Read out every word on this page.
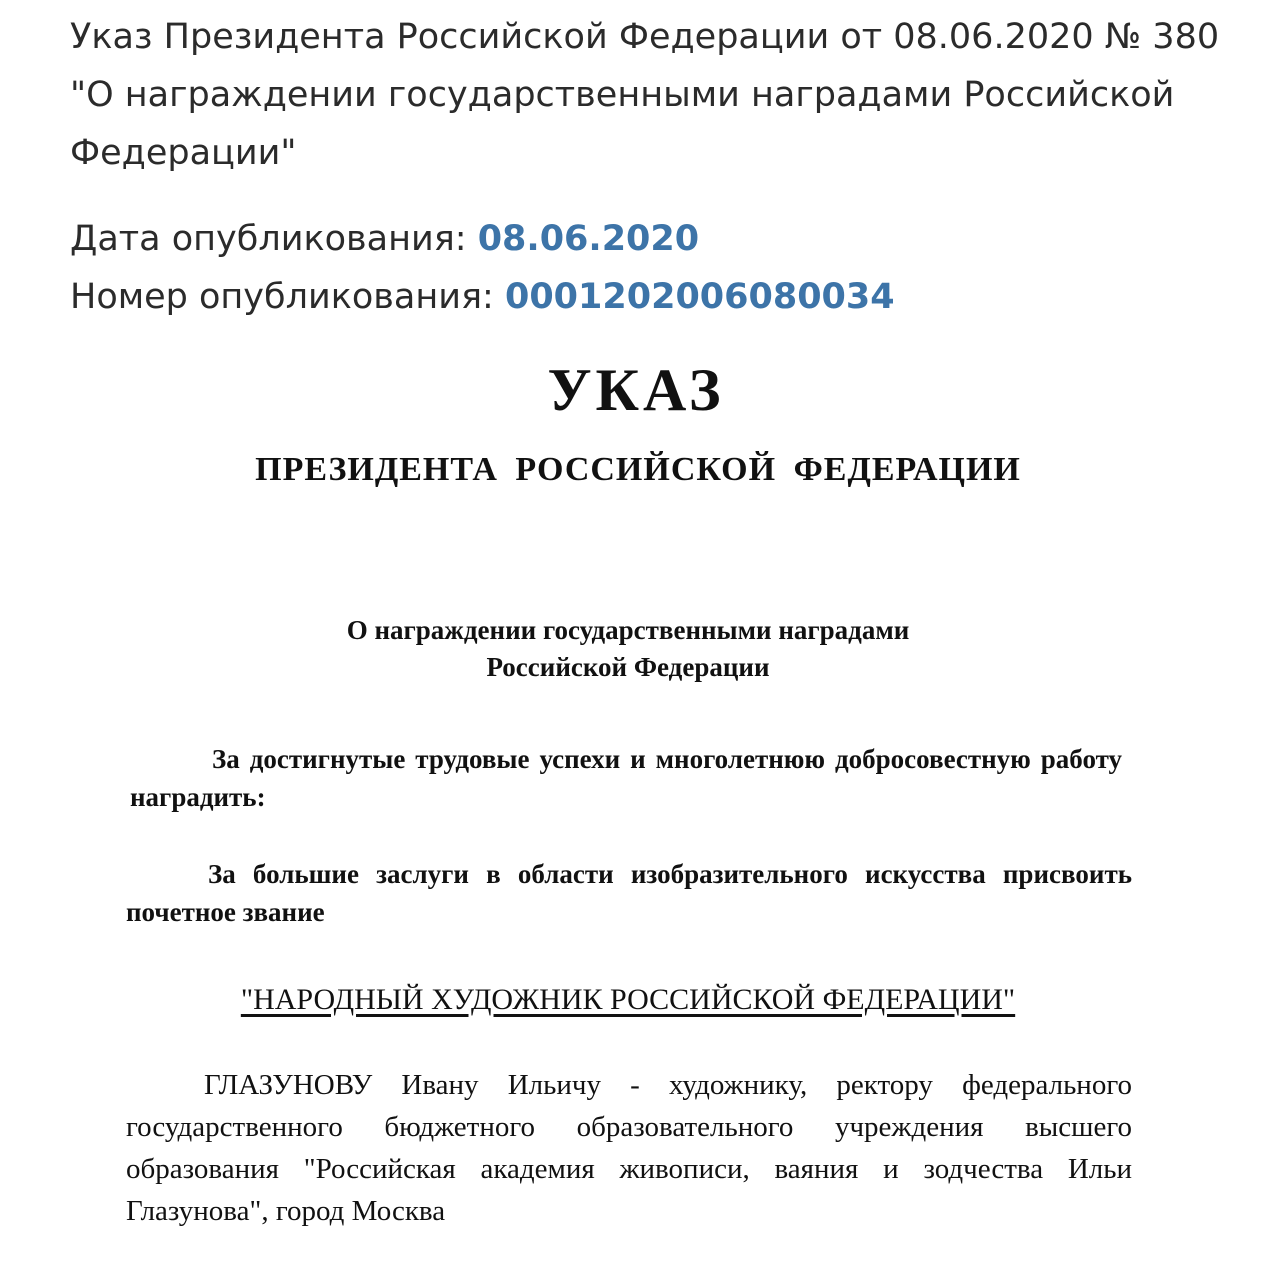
Указ Президента Российской Федерации от 08.06.2020 № 380 "О награждении государственными наградами Российской Федерации"
Дата опубликования: 08.06.2020
Номер опубликования: 0001202006080034
УКАЗ
ПРЕЗИДЕНТА РОССИЙСКОЙ ФЕДЕРАЦИИ
О награждении государственными наградами
Российской Федерации
За достигнутые трудовые успехи и многолетнюю добросовестную работу наградить:
За большие заслуги в области изобразительного искусства присвоить почетное звание
"НАРОДНЫЙ ХУДОЖНИК РОССИЙСКОЙ ФЕДЕРАЦИИ"
ГЛАЗУНОВУ Ивану Ильичу - художнику, ректору федерального государственного бюджетного образовательного учреждения высшего образования "Российская академия живописи, ваяния и зодчества Ильи Глазунова", город Москва
